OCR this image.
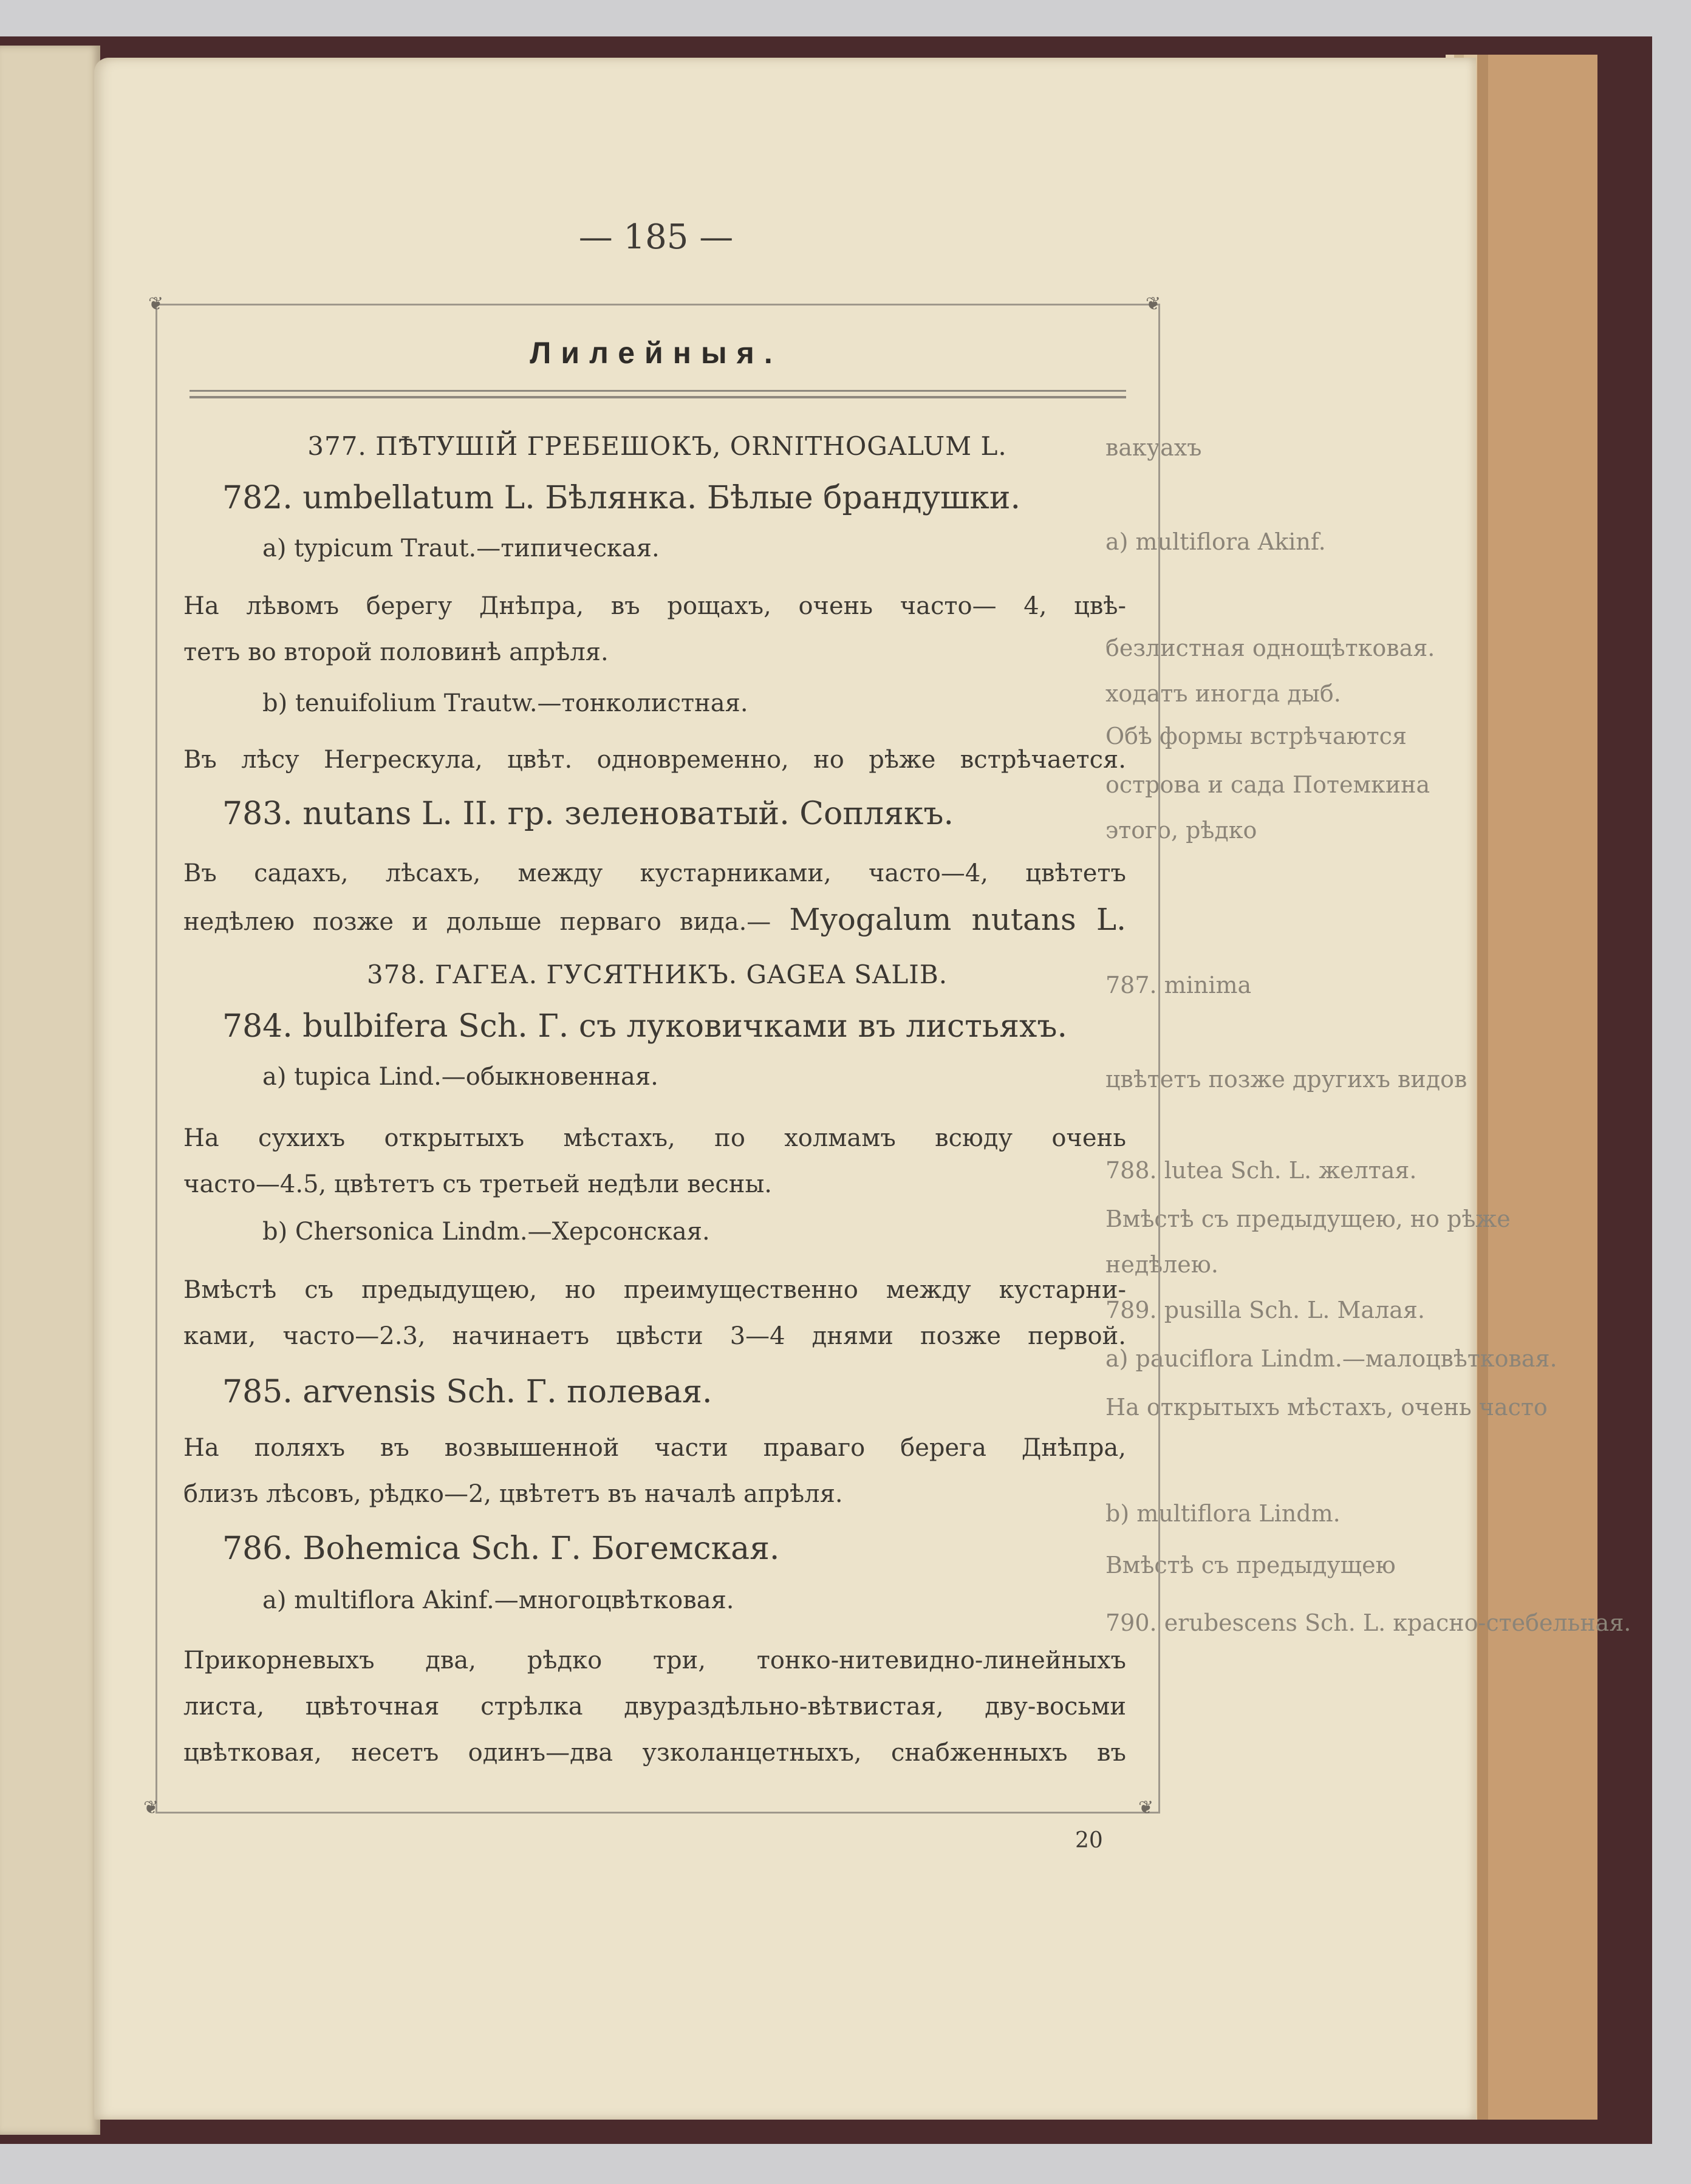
вакуахъ
a) multiflora Akinf.
безлистная однощѣтковая.
ходатъ иногда дыб.
Обѣ формы встрѣчаются
острова и сада Потемкина
этого, рѣдко
787. minima
цвѣтетъ позже другихъ видов
788. lutea Sch. L. желтая.
Вмѣстѣ съ предыдущею, но рѣже
недѣлею.
789. pusilla Sch. L. Малая.
a) pauciflora Lindm.—малоцвѣтковая.
На открытыхъ мѣстахъ, очень часто
b) multiflora Lindm.
Вмѣстѣ съ предыдущею
790. erubescens Sch. L. красно-стебельная.
— 185 —
❦	❦
❦	❦
Лилейныя.
377. ПѢТУШІЙ ГРЕБЕШОКЪ, ORNITHOGALUM L.
782. umbellatum L. Бѣлянка. Бѣлые брандушки.
a) typicum Traut.—типическая.
На лѣвомъ берегу Днѣпра, въ рощахъ, очень часто— 4, цвѣ-
тетъ во второй половинѣ апрѣля.
b) tenuifolium Trautw.—тонколистная.
Въ лѣсу Негрескула, цвѣт. одновременно, но рѣже встрѣчается.
783. nutans L. II. гр. зеленоватый. Соплякъ.
Въ садахъ, лѣсахъ, между кустарниками, часто—4, цвѣтетъ
недѣлею позже и дольше перваго вида.— Myogalum nutans L.
378. ГАГЕА. ГУСЯТНИКЪ. GAGEA SALIB.
784. bulbifera Sch. Г. съ луковичками въ листьяхъ.
a) tupica Lind.—обыкновенная.
На сухихъ открытыхъ мѣстахъ, по холмамъ всюду очень
часто—4.5, цвѣтетъ съ третьей недѣли весны.
b) Chersonica Lindm.—Херсонская.
Вмѣстѣ съ предыдущею, но преимущественно между кустарни-
ками, часто—2.3, начинаетъ цвѣсти 3—4 днями позже первой.
785. arvensis Sch. Г. полевая.
На поляхъ въ возвышенной части праваго берега Днѣпра,
близъ лѣсовъ, рѣдко—2, цвѣтетъ въ началѣ апрѣля.
786. Bohemica Sch. Г. Богемская.
a) multiflora Akinf.—многоцвѣтковая.
Прикорневыхъ два, рѣдко три, тонко-нитевидно-линейныхъ
листа, цвѣточная стрѣлка двураздѣльно-вѣтвистая, дву-восьми
цвѣтковая, несетъ одинъ—два узколанцетныхъ, снабженныхъ въ
20
